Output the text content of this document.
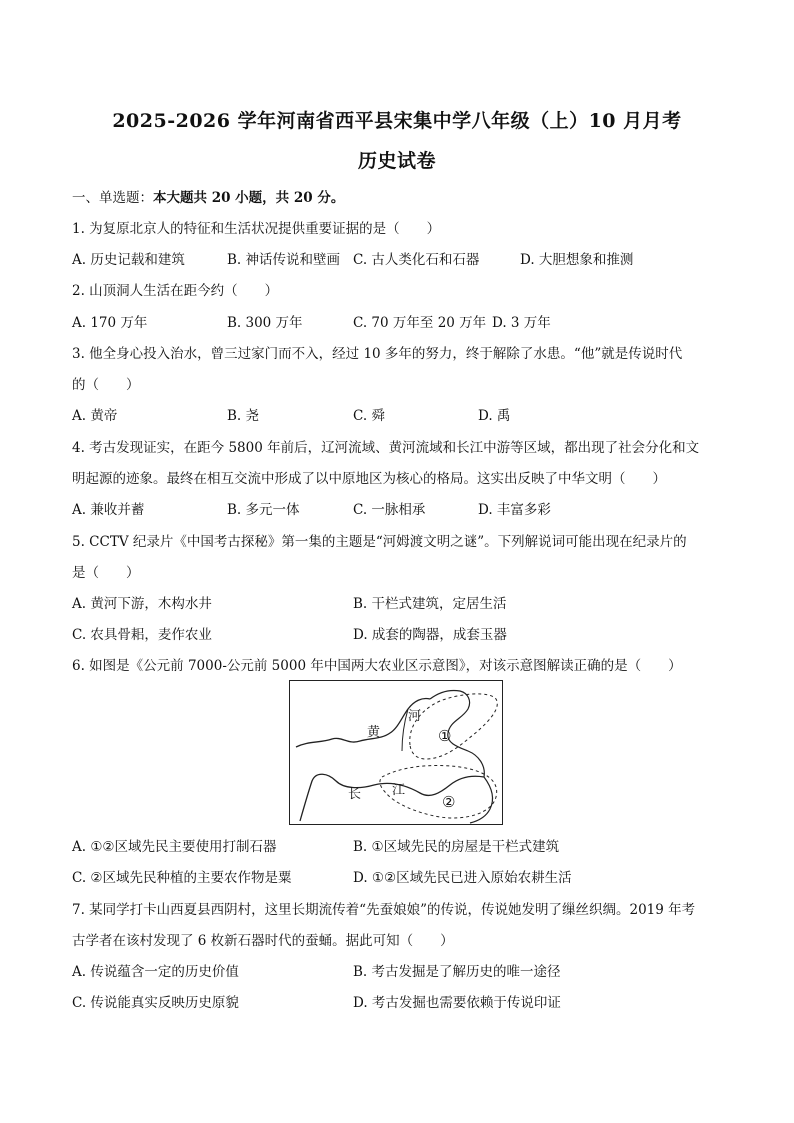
2025-2026 学年河南省西平县宋集中学八年级（上）10 月月考
历史试卷
一、单选题：本大题共 20 小题，共 20 分。
1. 为复原北京人的特征和生活状况提供重要证据的是（　　）
A. 历史记载和建筑	B. 神话传说和壁画 C. 古人类化石和石器	D. 大胆想象和推测
2. 山顶洞人生活在距今约（　　）
A. 170 万年	B. 300 万年	C. 70 万年至 20 万年 D. 3 万年
3. 他全身心投入治水，曾三过家门而不入，经过 10 多年的努力，终于解除了水患。“他”就是传说时代
的（　　）
A. 黄帝	B. 尧	C. 舜	D. 禹
4. 考古发现证实，在距今 5800 年前后，辽河流域、黄河流域和长江中游等区域，都出现了社会分化和文
明起源的迹象。最终在相互交流中形成了以中原地区为核心的格局。这实出反映了中华文明（　　）
A. 兼收并蓄	B. 多元一体	C. 一脉相承	D. 丰富多彩
5. CCTV 纪录片《中国考古探秘》第一集的主题是“河姆渡文明之谜”。下列解说词可能出现在纪录片的
是（　　）
A. 黄河下游，木构水井	B. 干栏式建筑，定居生活
C. 农具骨耜，麦作农业	D. 成套的陶器，成套玉器
6. 如图是《公元前 7000-公元前 5000 年中国两大农业区示意图》，对该示意图解读正确的是（　　）
黄
河
长 江
①
②
A. ①②区域先民主要使用打制石器	B. ①区域先民的房屋是干栏式建筑
C. ②区域先民种植的主要农作物是粟	D. ①②区域先民已进入原始农耕生活
7. 某同学打卡山西夏县西阴村，这里长期流传着“先蚕娘娘”的传说，传说她发明了缫丝织绸。2019 年考
古学者在该村发现了 6 枚新石器时代的蚕蛹。据此可知（　　）
A. 传说蕴含一定的历史价值	B. 考古发掘是了解历史的唯一途径
C. 传说能真实反映历史原貌	D. 考古发掘也需要依赖于传说印证
